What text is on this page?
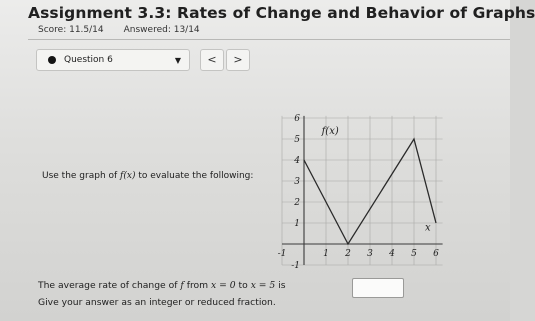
Assignment 3.3: Rates of Change and Behavior of Graphs
Score: 11.5/14 Answered: 13/14
Question 6	▼	<	>
Use the graph of f(x) to evaluate the following:
-1	1 2 3 4 5 6
-1
1
2
3
4
5
6
f(x)
x
The average rate of change of f from x = 0 to x = 5 is
Give your answer as an integer or reduced fraction.
